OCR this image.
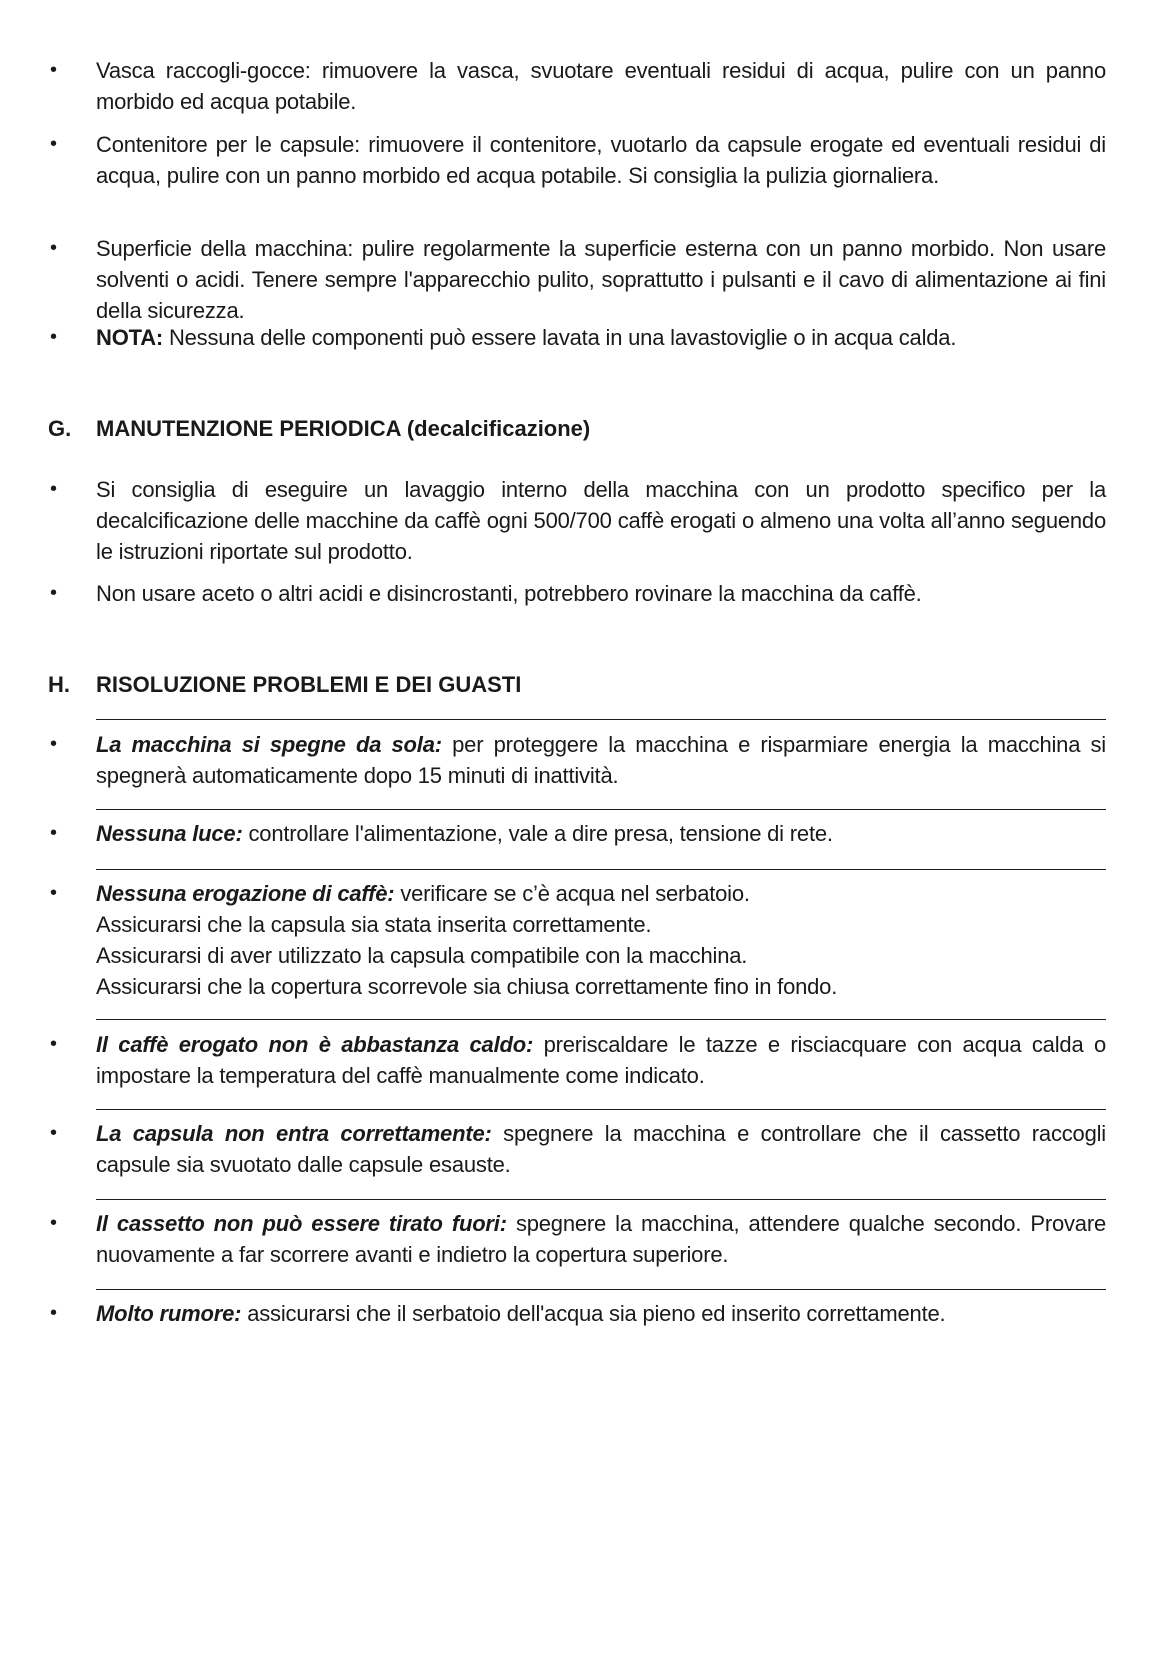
• Vasca raccogli-gocce: rimuovere la vasca, svuotare eventuali residui di acqua, pulire con un panno morbido ed acqua potabile.
• Contenitore per le capsule: rimuovere il contenitore, vuotarlo da capsule erogate ed eventuali residui di acqua, pulire con un panno morbido ed acqua potabile. Si consiglia la pulizia giornaliera.
• Superficie della macchina: pulire regolarmente la superficie esterna con un panno morbido. Non usare solventi o acidi. Tenere sempre l'apparecchio pulito, soprattutto i pulsanti e il cavo di alimentazione ai fini della sicurezza.
• NOTA: Nessuna delle componenti può essere lavata in una lavastoviglie o in acqua calda.
G. MANUTENZIONE PERIODICA (decalcificazione)
• Si consiglia di eseguire un lavaggio interno della macchina con un prodotto specifico per la decalcificazione delle macchine da caffè ogni 500/700 caffè erogati o almeno una volta all’anno seguendo le istruzioni riportate sul prodotto.
• Non usare aceto o altri acidi e disincrostanti, potrebbero rovinare la macchina da caffè.
H. RISOLUZIONE PROBLEMI E DEI GUASTI
• La macchina si spegne da sola: per proteggere la macchina e risparmiare energia la macchina si spegnerà automaticamente dopo 15 minuti di inattività.
• Nessuna luce: controllare l'alimentazione, vale a dire presa, tensione di rete.
• Nessuna erogazione di caffè: verificare se c’è acqua nel serbatoio.
Assicurarsi che la capsula sia stata inserita correttamente.
Assicurarsi di aver utilizzato la capsula compatibile con la macchina.
Assicurarsi che la copertura scorrevole sia chiusa correttamente fino in fondo.
• Il caffè erogato non è abbastanza caldo: preriscaldare le tazze e risciacquare con acqua calda o impostare la temperatura del caffè manualmente come indicato.
• La capsula non entra correttamente: spegnere la macchina e controllare che il cassetto raccogli capsule sia svuotato dalle capsule esauste.
• Il cassetto non può essere tirato fuori: spegnere la macchina, attendere qualche secondo. Provare nuovamente a far scorrere avanti e indietro la copertura superiore.
• Molto rumore: assicurarsi che il serbatoio dell'acqua sia pieno ed inserito correttamente.
